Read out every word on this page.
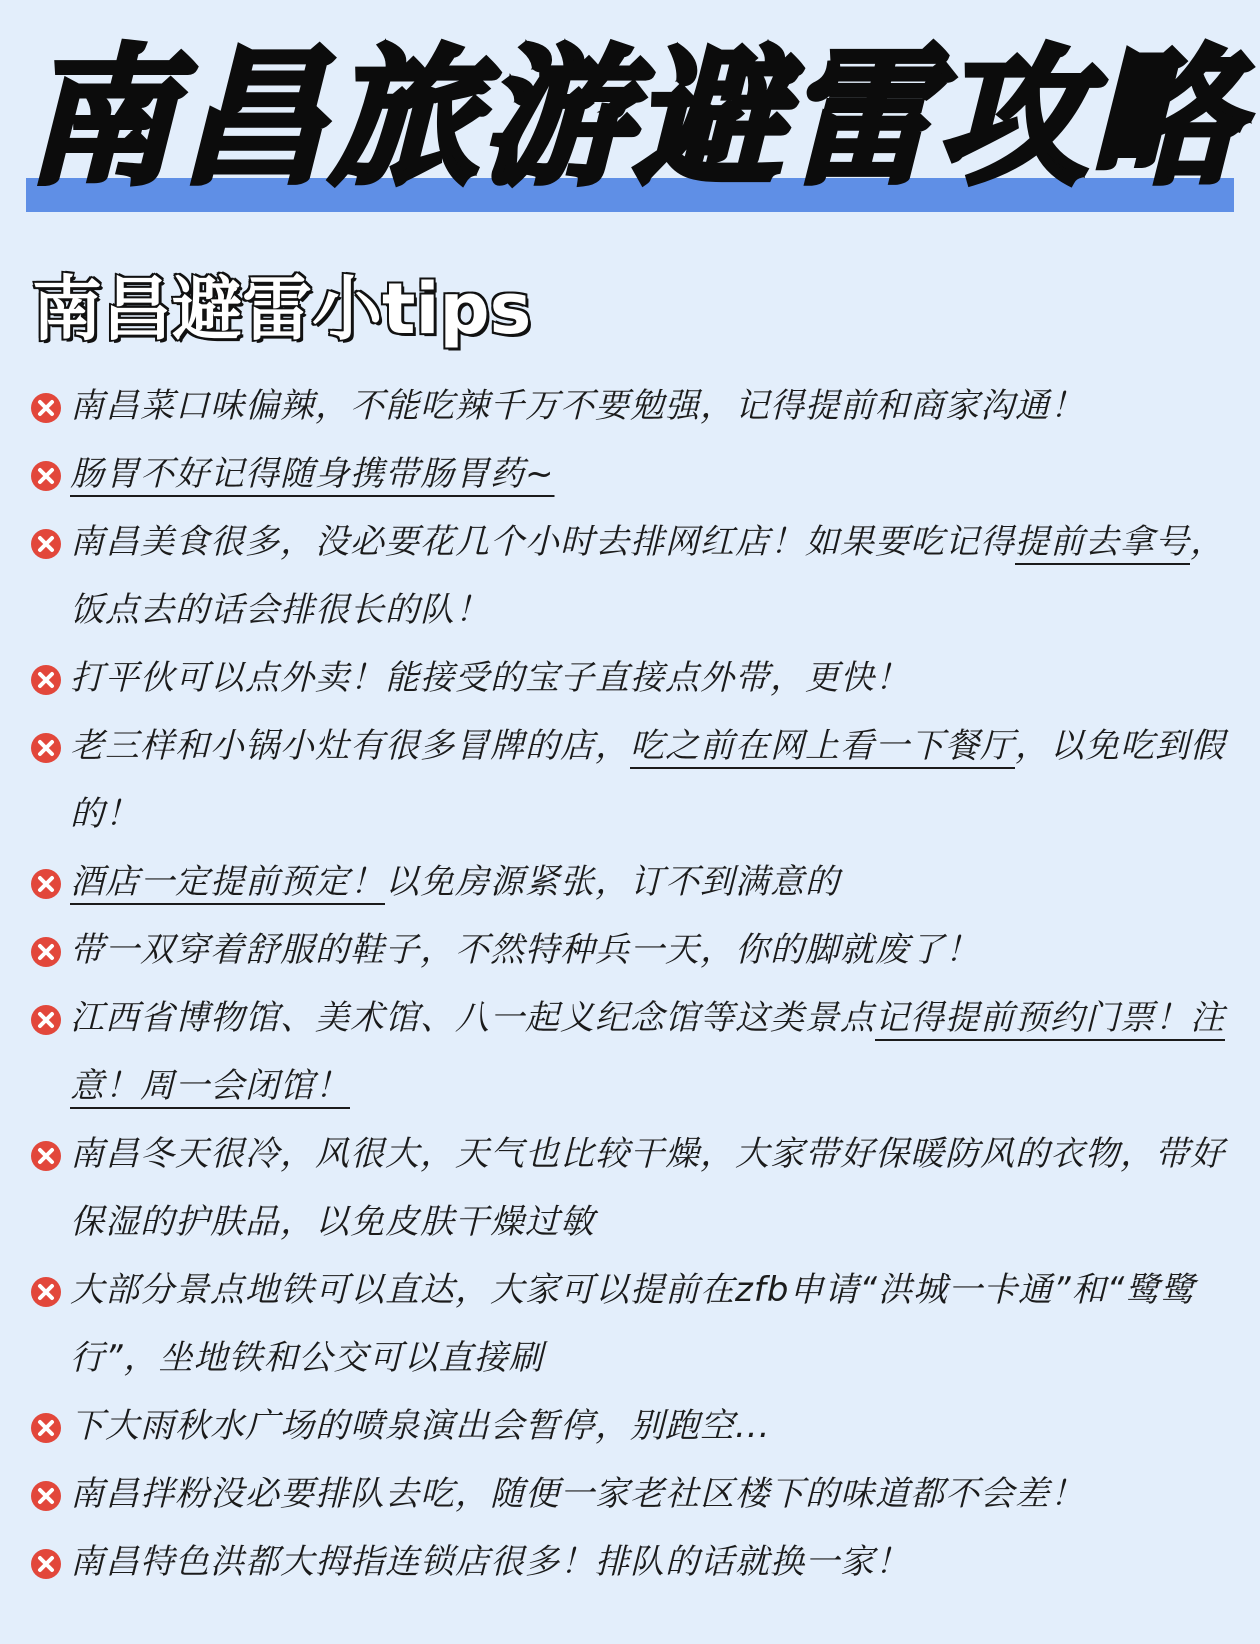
南昌旅游避雷攻略
南昌避雷小tips
南昌菜口味偏辣，不能吃辣千万不要勉强，记得提前和商家沟通！
肠胃不好记得随身携带肠胃药~
南昌美食很多，没必要花几个小时去排网红店！如果要吃记得提前去拿号，饭点去的话会排很长的队！
打平伙可以点外卖！能接受的宝子直接点外带，更快！
老三样和小锅小灶有很多冒牌的店，吃之前在网上看一下餐厅，以免吃到假的！
酒店一定提前预定！以免房源紧张，订不到满意的
带一双穿着舒服的鞋子，不然特种兵一天，你的脚就废了！
江西省博物馆、美术馆、八一起义纪念馆等这类景点记得提前预约门票！注意！周一会闭馆！
南昌冬天很冷，风很大，天气也比较干燥，大家带好保暖防风的衣物，带好保湿的护肤品，以免皮肤干燥过敏
大部分景点地铁可以直达，大家可以提前在zfb申请“洪城一卡通”和“鹭鹭行”，坐地铁和公交可以直接刷
下大雨秋水广场的喷泉演出会暂停，别跑空...
南昌拌粉没必要排队去吃，随便一家老社区楼下的味道都不会差！
南昌特色洪都大拇指连锁店很多！排队的话就换一家！
